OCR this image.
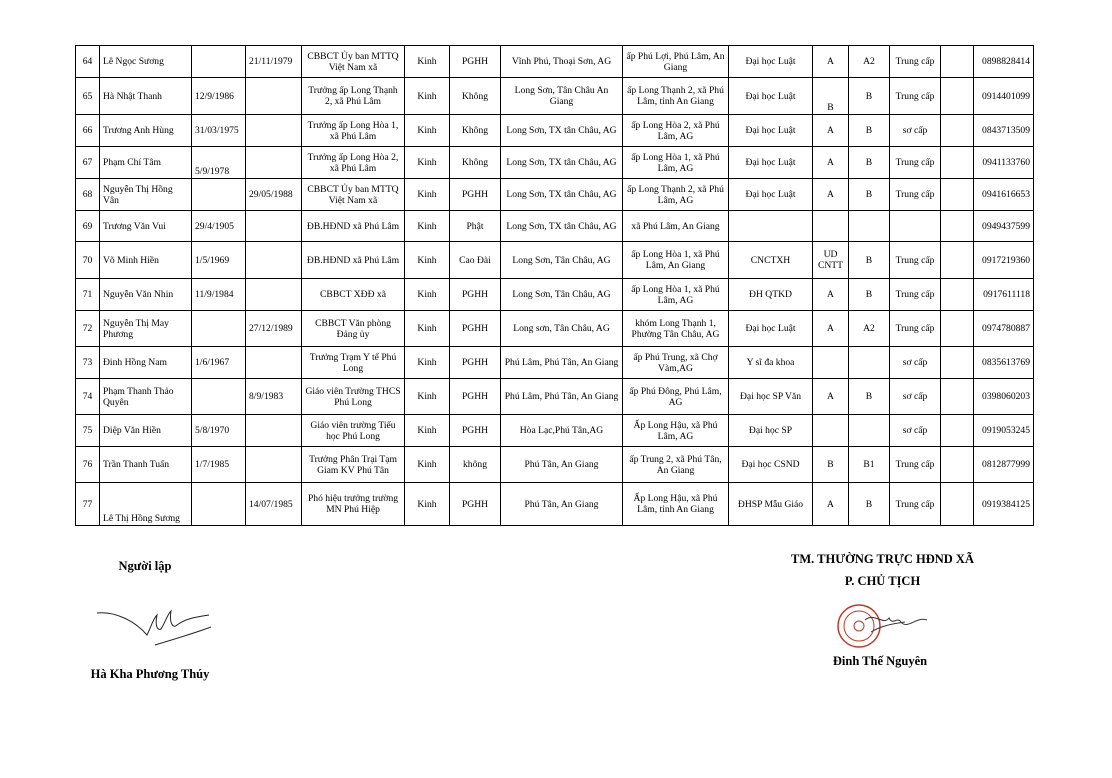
64	Lê Ngọc Sương		21/11/1979	CBBCT Ủy ban MTTQ Việt Nam xã	Kinh	PGHH	Vĩnh Phú, Thoại Sơn, AG	ấp Phú Lợi, Phú Lâm, An Giang	Đại học Luật	A	A2	Trung cấp		0898828414
65	Hà Nhật Thanh	12/9/1986		Trưởng ấp Long Thạnh 2, xã Phú Lâm	Kinh	Không	Long Sơn, Tân Châu An Giang	ấp Long Thạnh 2, xã Phú Lâm, tỉnh An Giang	Đại học Luật	B	B	Trung cấp		0914401099
66	Trương Anh Hùng	31/03/1975		Trưởng ấp Long Hòa 1, xã Phú Lâm	Kinh	Không	Long Sơn, TX tân Châu, AG	ấp Long Hòa 2, xã Phú Lâm, AG	Đại học Luật	A	B	sơ cấp		0843713509
67	Phạm Chí Tâm	5/9/1978		Trưởng ấp Long Hòa 2, xã Phú Lâm	Kinh	Không	Long Sơn, TX tân Châu, AG	ấp Long Hòa 1, xã Phú Lâm, AG	Đại học Luật	A	B	Trung cấp		0941133760
68	Nguyễn Thị Hồng Vân		29/05/1988	CBBCT Ủy ban MTTQ Việt Nam xã	Kinh	PGHH	Long Sơn, TX tân Châu, AG	ấp Long Thạnh 2, xã Phú Lâm, AG	Đại học Luật	A	B	Trung cấp		0941616653
69	Trương Văn Vui	29/4/1905		ĐB.HĐND xã Phú Lâm	Kinh	Phật	Long Sơn, TX tân Châu, AG	xã Phú Lâm, An Giang						0949437599
70	Võ Minh Hiền	1/5/1969		ĐB.HĐND xã Phú Lâm	Kinh	Cao Đài	Long Sơn, Tân Châu, AG	ấp Long Hòa 1, xã Phú Lâm, An Giang	CNCTXH	UD CNTT	B	Trung cấp		0917219360
71	Nguyễn Văn Nhin	11/9/1984		CBBCT XĐĐ xã	Kinh	PGHH	Long Sơn, Tân Châu, AG	ấp Long Hòa 1, xã Phú Lâm, AG	ĐH QTKD	A	B	Trung cấp		0917611118
72	Nguyễn Thị May Phương		27/12/1989	CBBCT Văn phòng Đảng ủy	Kinh	PGHH	Long sơn, Tân Châu, AG	khóm Long Thạnh 1, Phường Tân Châu, AG	Đại học Luật	A	A2	Trung cấp		0974780887
73	Đinh Hồng Nam	1/6/1967		Trưởng Trạm Y tế Phú Long	Kinh	PGHH	Phú Lâm, Phú Tân, An Giang	ấp Phú Trung, xã Chợ Vàm,AG	Y sĩ đa khoa			sơ cấp		0835613769
74	Phạm Thanh Thảo Quyên		8/9/1983	Giáo viên Trường THCS Phú Long	Kinh	PGHH	Phú Lâm, Phú Tân, An Giang	ấp Phú Đông, Phú Lâm, AG	Đại học SP Văn	A	B	sơ cấp		0398060203
75	Diệp Văn Hiền	5/8/1970		Giáo viên trường Tiểu học Phú Long	Kinh	PGHH	Hòa Lạc,Phú Tân,AG	Ấp Long Hậu, xã Phú Lâm, AG	Đại học SP			sơ cấp		0919053245
76	Trần Thanh Tuấn	1/7/1985		Trưởng Phân Trại Tạm Giam KV Phú Tân	Kinh	không	Phú Tân, An Giang	ấp Trung 2, xã Phú Tân, An Giang	Đại học CSND	B	B1	Trung cấp		0812877999
77	Lê Thị Hồng Sương		14/07/1985	Phó hiệu trưởng trường MN Phú Hiệp	Kinh	PGHH	Phú Tân, An Giang	Ấp Long Hậu, xã Phú Lâm, tỉnh An Giang	ĐHSP Mẫu Giáo	A	B	Trung cấp		0919384125
Người lập
Hà Kha Phương Thúy
TM. THƯỜNG TRỰC HĐND XÃ
P. CHỦ TỊCH
Đinh Thế Nguyên
